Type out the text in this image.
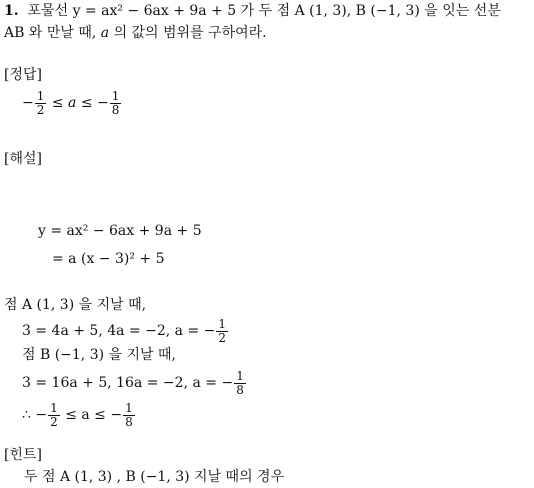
1. 포물선 y = ax² − 6ax + 9a + 5 가 두 점 A (1, 3), B (−1, 3) 을 잇는 선분
AB 와 만날 때, a 의 값의 범위를 구하여라.
[정답]
− $\frac{1}{2} \le a$ ≤ − $\frac{1}{8}$
[해설]
y = ax² − 6ax + 9a + 5
= a (x − 3)² + 5
점 A (1, 3) 을 지날 때,
3 = 4a + 5, 4a = −2, a = − $\frac{1}{2}$
점 B (−1, 3) 을 지날 때,
3 = 16a + 5, 16a = −2, a = − $\frac{1}{8}$
∴ − $\frac{1}{2} \le a$ ≤ − $\frac{1}{8}$
[힌트]
두 점 A (1, 3) , B (−1, 3) 지날 때의 경우
